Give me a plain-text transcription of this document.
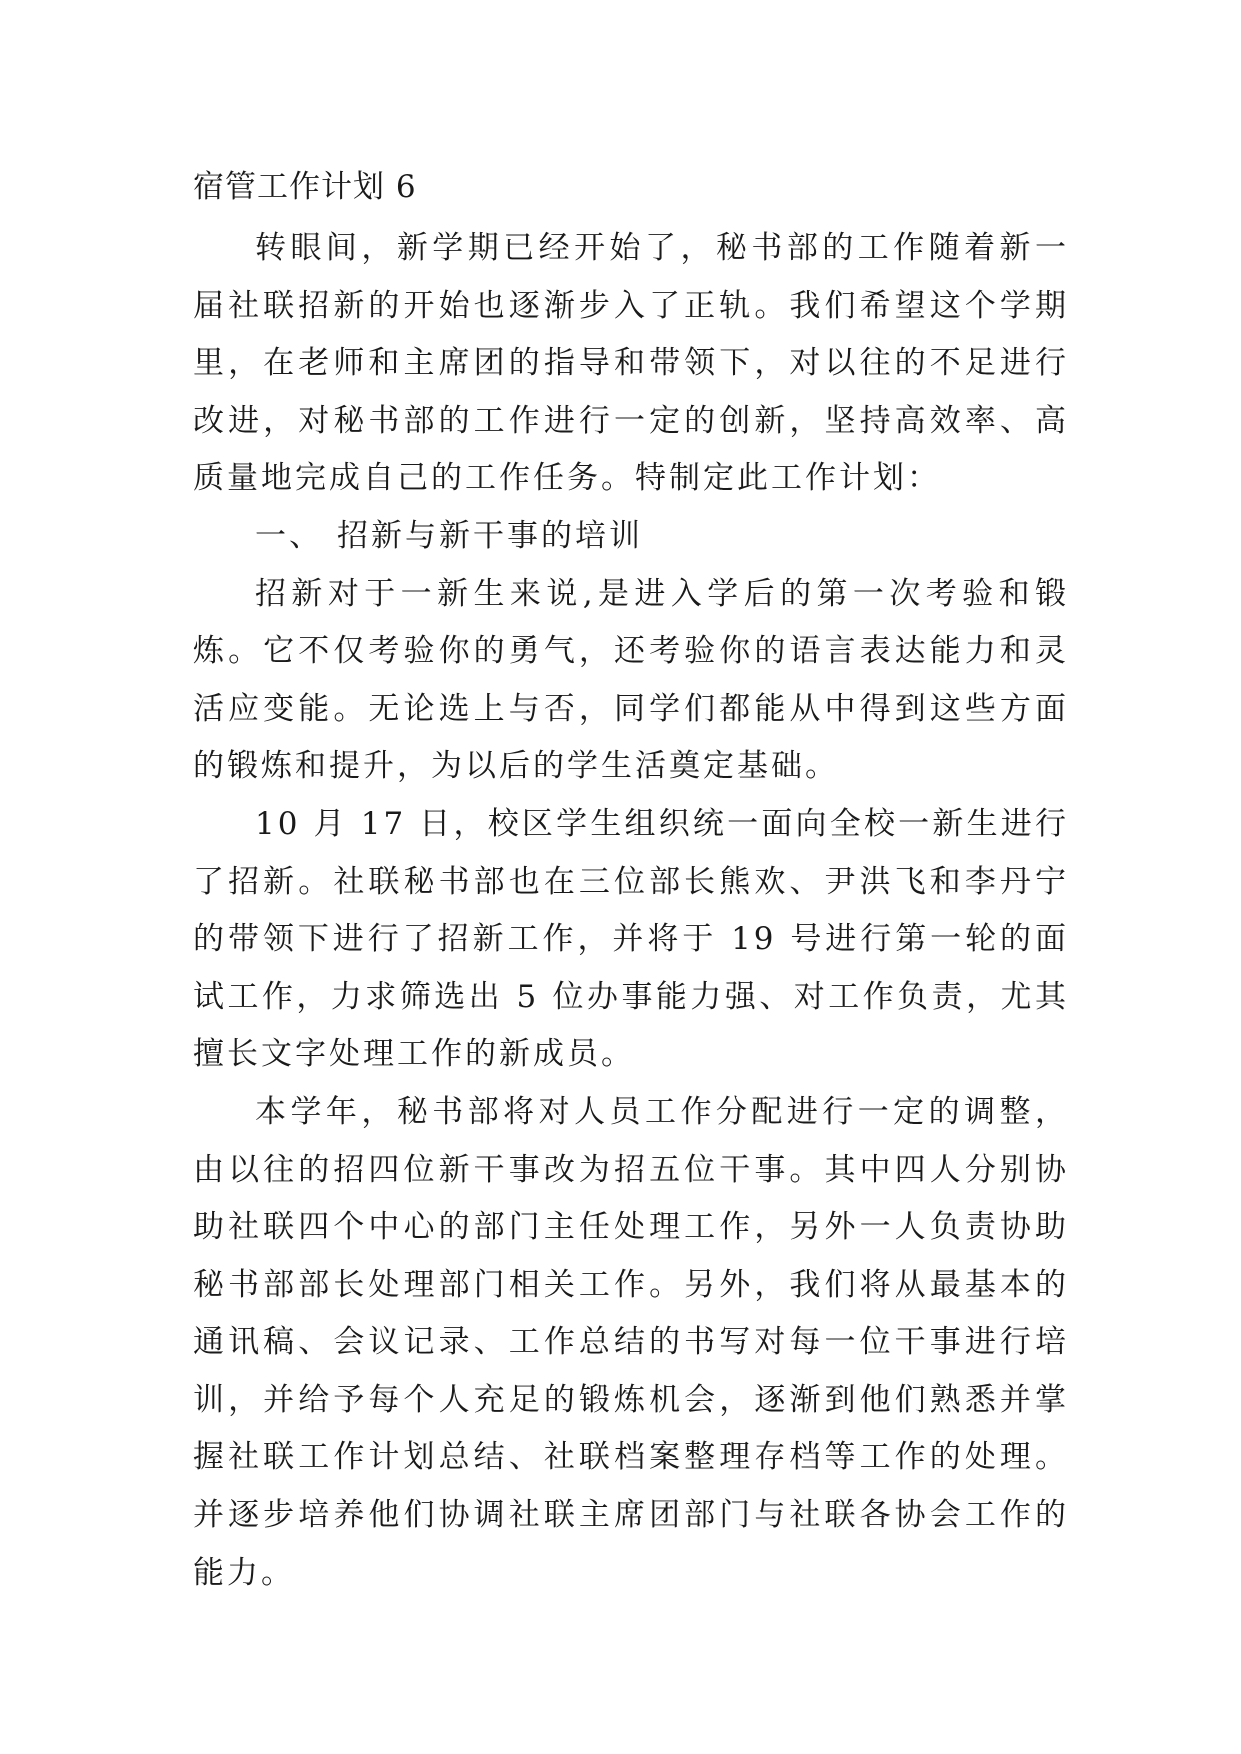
宿管工作计划 6

转眼间，新学期已经开始了，秘书部的工作随着新一届社联招新的开始也逐渐步入了正轨。我们希望这个学期里，在老师和主席团的指导和带领下，对以往的不足进行改进，对秘书部的工作进行一定的创新，坚持高效率、高质量地完成自己的工作任务。特制定此工作计划：

一、 招新与新干事的培训

招新对于一新生来说,是进入学后的第一次考验和锻炼。它不仅考验你的勇气，还考验你的语言表达能力和灵活应变能。无论选上与否，同学们都能从中得到这些方面的锻炼和提升，为以后的学生活奠定基础。

10 月 17 日，校区学生组织统一面向全校一新生进行了招新。社联秘书部也在三位部长熊欢、尹洪飞和李丹宁的带领下进行了招新工作，并将于 19 号进行第一轮的面试工作，力求筛选出 5 位办事能力强、对工作负责，尤其擅长文字处理工作的新成员。

本学年，秘书部将对人员工作分配进行一定的调整，由以往的招四位新干事改为招五位干事。其中四人分别协助社联四个中心的部门主任处理工作，另外一人负责协助秘书部部长处理部门相关工作。另外，我们将从最基本的通讯稿、会议记录、工作总结的书写对每一位干事进行培训，并给予每个人充足的锻炼机会，逐渐到他们熟悉并掌握社联工作计划总结、社联档案整理存档等工作的处理。并逐步培养他们协调社联主席团部门与社联各协会工作的能力。
